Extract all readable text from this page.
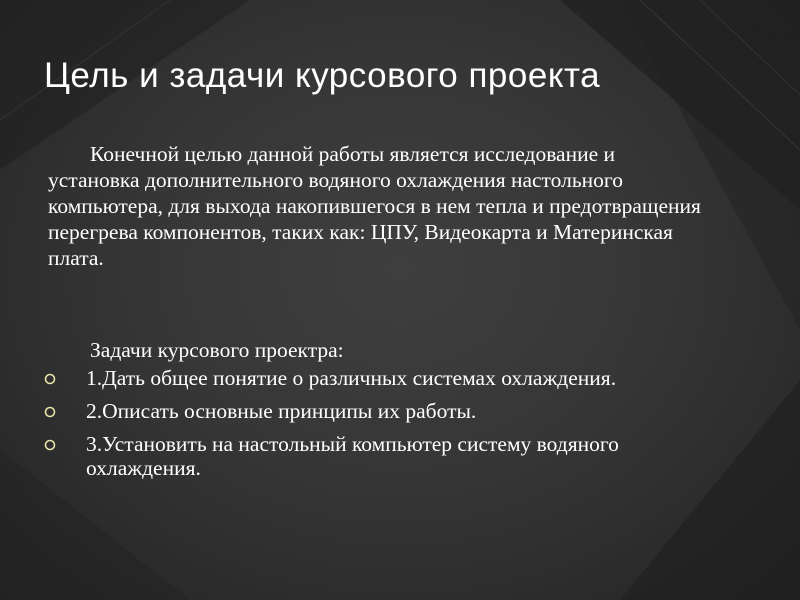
Цель и задачи курсового проекта

Конечной целью данной работы является исследование и установка дополнительного водяного охлаждения настольного компьютера, для выхода накопившегося в нем тепла и предотвращения перегрева компонентов, таких как: ЦПУ, Видеокарта и Материнская плата.

Задачи курсового проектра:

1.Дать общее понятие о различных системах охлаждения.
2.Описать основные принципы их работы.
3.Установить на настольный компьютер систему водяного охлаждения.
